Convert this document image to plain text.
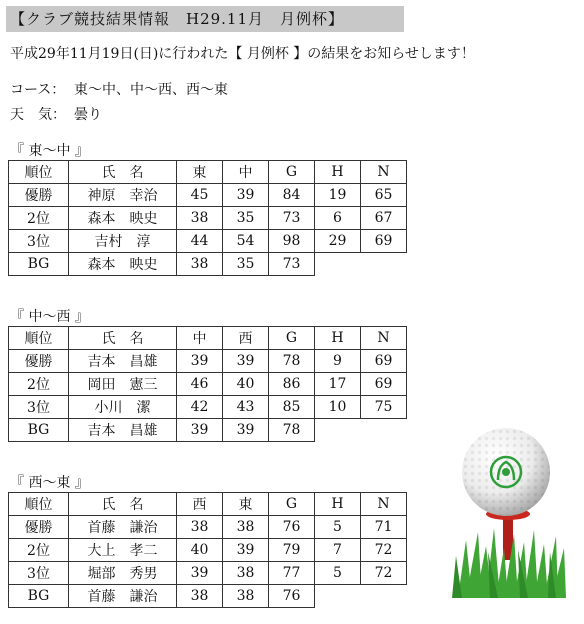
【クラブ競技結果情報　H29.11月　月例杯】
平成29年11月19日(日)に行われた【 月例杯 】の結果をお知らせします！
コース： 東～中、中～西、西～東
天　気： 曇り
『 東～中 』
順位	氏　名	東	中	G	H	N
優勝	神原　幸治	45	39	84	19	65
2位	森本　映史	38	35	73	6	67
3位	吉村　淳	44	54	98	29	69
BG	森本　映史	38	35	73		
『 中～西 』
順位	氏　名	中	西	G	H	N
優勝	吉本　昌雄	39	39	78	9	69
2位	岡田　憲三	46	40	86	17	69
3位	小川　潔	42	43	85	10	75
BG	吉本　昌雄	39	39	78		
『 西～東 』
順位	氏　名	西	東	G	H	N
優勝	首藤　謙治	38	38	76	5	71
2位	大上　孝二	40	39	79	7	72
3位	堀部　秀男	39	38	77	5	72
BG	首藤　謙治	38	38	76		
